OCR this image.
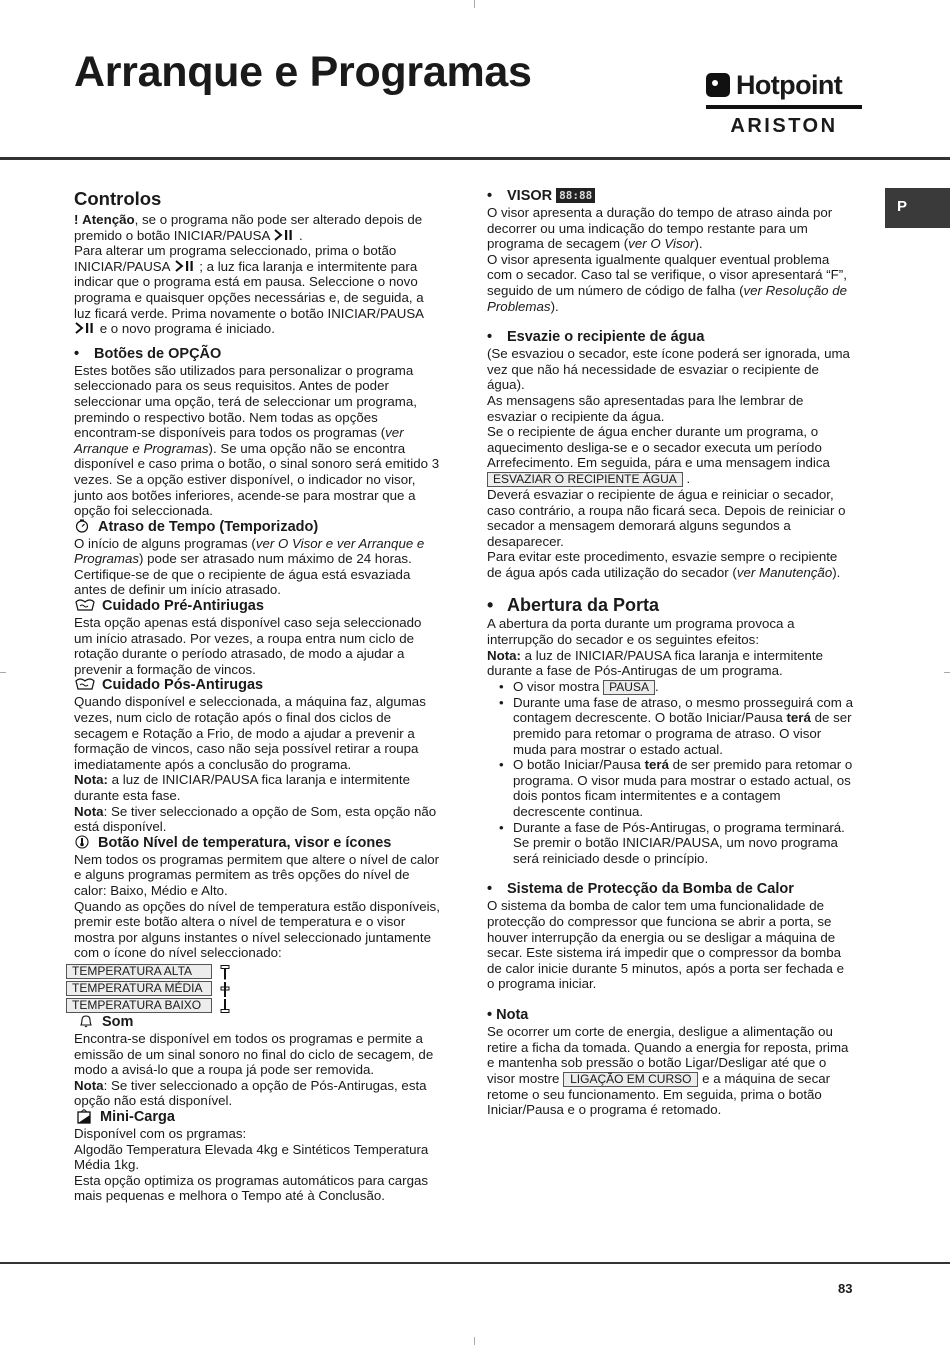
Arranque e Programas	Hotpoint
ARISTON
P
Controlos

! Atenção, se o programa não pode ser alterado depois de premido o botão INICIAR/PAUSA .

Para alterar um programa seleccionado, prima o botão INICIAR/PAUSA ; a luz fica laranja e intermitente para indicar que o programa está em pausa. Seleccione o novo programa e quaisquer opções necessárias e, de seguida, a luz ficará verde. Prima novamente o botão INICIAR/PAUSA  e o novo programa é iniciado.

• Botões de OPÇÃO

Estes botões são utilizados para personalizar o programa seleccionado para os seus requisitos. Antes de poder seleccionar uma opção, terá de seleccionar um programa, premindo o respectivo botão. Nem todas as opções encontram-se disponíveis para todos os programas (ver Arranque e Programas). Se uma opção não se encontra disponível e caso prima o botão, o sinal sonoro será emitido 3 vezes. Se a opção estiver disponível, o indicador no visor, junto aos botões inferiores, acende-se para mostrar que a opção foi seleccionada.

Atraso de Tempo (Temporizado)

O início de alguns programas (ver O Visor e ver Arranque e Programas) pode ser atrasado num máximo de 24 horas. Certifique-se de que o recipiente de água está esvaziada antes de definir um início atrasado.

Cuidado Pré-Antiriugas

Esta opção apenas está disponível caso seja seleccionado um início atrasado. Por vezes, a roupa entra num ciclo de rotação durante o período atrasado, de modo a ajudar a prevenir a formação de vincos.

Cuidado Pós-Antirugas

Quando disponível e seleccionada, a máquina faz, algumas vezes, num ciclo de rotação após o final dos ciclos de secagem e Rotação a Frio, de modo a ajudar a prevenir a formação de vincos, caso não seja possível retirar a roupa imediatamente após a conclusão do programa.

Nota: a luz de INICIAR/PAUSA fica laranja e intermitente durante esta fase.

Nota: Se tiver seleccionado a opção de Som, esta opção não está disponível.

Botão Nível de temperatura, visor e ícones

Nem todos os programas permitem que altere o nível de calor e alguns programas permitem as três opções do nível de calor: Baixo, Médio e Alto.

Quando as opções do nível de temperatura estão disponíveis, premir este botão altera o nível de temperatura e o visor mostra por alguns instantes o nível seleccionado juntamente com o ícone do nível seleccionado:

TEMPERATURA ALTA
TEMPERATURA MÉDIA
TEMPERATURA BAIXO
Som

Encontra-se disponível em todos os programas e permite a emissão de um sinal sonoro no final do ciclo de secagem, de modo a avisá-lo que a roupa já pode ser removida.

Nota: Se tiver seleccionado a opção de Pós-Antirugas, esta opção não está disponível.

Mini-Carga

Disponível com os prgramas:

Algodão Temperatura Elevada 4kg e Sintéticos Temperatura Média 1kg.

Esta opção optimiza os programas automáticos para cargas mais pequenas e melhora o Tempo até à Conclusão.

• VISOR 88:88

O visor apresenta a duração do tempo de atraso ainda por decorrer ou uma indicação do tempo restante para um programa de secagem (ver O Visor).

O visor apresenta igualmente qualquer eventual problema com o secador. Caso tal se verifique, o visor apresentará “F”, seguido de um número de código de falha (ver Resolução de Problemas).

• Esvazie o recipiente de água

(Se esvaziou o secador, este ícone poderá ser ignorada, uma vez que não há necessidade de esvaziar o recipiente de água).

As mensagens são apresentadas para lhe lembrar de esvaziar o recipiente da água.

Se o recipiente de água encher durante um programa, o aquecimento desliga-se e o secador executa um período Arrefecimento. Em seguida, pára e uma mensagem indica ESVAZIAR O RECIPIENTE ÁGUA .

Deverá esvaziar o recipiente de água e reiniciar o secador, caso contrário, a roupa não ficará seca. Depois de reiniciar o secador a mensagem demorará alguns segundos a desaparecer.

Para evitar este procedimento, esvazie sempre o recipiente de água após cada utilização do secador (ver Manutenção).

• Abertura da Porta

A abertura da porta durante um programa provoca a interrupção do secador e os seguintes efeitos:

Nota: a luz de INICIAR/PAUSA fica laranja e intermitente durante a fase de Pós-Antirugas de um programa.

• O visor mostra PAUSA .
• Durante uma fase de atraso, o mesmo prosseguirá com a contagem decrescente. O botão Iniciar/Pausa terá de ser premido para retomar o programa de atraso. O visor muda para mostrar o estado actual.
• O botão Iniciar/Pausa terá de ser premido para retomar o programa. O visor muda para mostrar o estado actual, os dois pontos ficam intermitentes e a contagem decrescente continua.
• Durante a fase de Pós-Antirugas, o programa terminará. Se premir o botão INICIAR/PAUSA, um novo programa será reiniciado desde o princípio.
• Sistema de Protecção da Bomba de Calor

O sistema da bomba de calor tem uma funcionalidade de protecção do compressor que funciona se abrir a porta, se houver interrupção da energia ou se desligar a máquina de secar. Este sistema irá impedir que o compressor da bomba de calor inicie durante 5 minutos, após a porta ser fechada e o programa iniciar.

• Nota

Se ocorrer um corte de energia, desligue a alimentação ou retire a ficha da tomada. Quando a energia for reposta, prima e mantenha sob pressão o botão Ligar/Desligar até que o visor mostre LIGAÇÃO EM CURSO e a máquina de secar retome o seu funcionamento. Em seguida, prima o botão Iniciar/Pausa e o programa é retomado.

83
